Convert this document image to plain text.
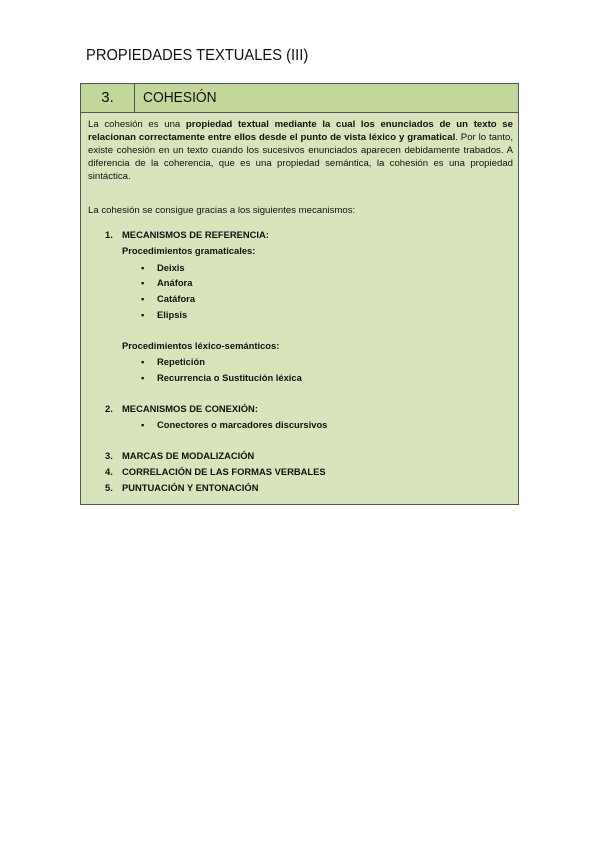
PROPIEDADES TEXTUALES (III)
3.	COHESIÓN
La cohesión es una propiedad textual mediante la cual los enunciados de un texto se relacionan correctamente entre ellos desde el punto de vista léxico y gramatical. Por lo tanto, existe cohesión en un texto cuando los sucesivos enunciados aparecen debidamente trabados. A diferencia de la coherencia, que es una propiedad semántica, la cohesión es una propiedad sintáctica.
La cohesión se consigue gracias a los siguientes mecanismos:
1. MECANISMOS DE REFERENCIA:
Procedimientos gramaticales:
▪ Deixis
▪ Anáfora
▪ Catáfora
▪ Elipsis
Procedimientos léxico-semánticos:
▪ Repetición
▪ Recurrencia o Sustitución léxica
2. MECANISMOS DE CONEXIÓN:
▪ Conectores o marcadores discursivos
3. MARCAS DE MODALIZACIÓN
4. CORRELACIÓN DE LAS FORMAS VERBALES
5. PUNTUACIÓN Y ENTONACIÓN
